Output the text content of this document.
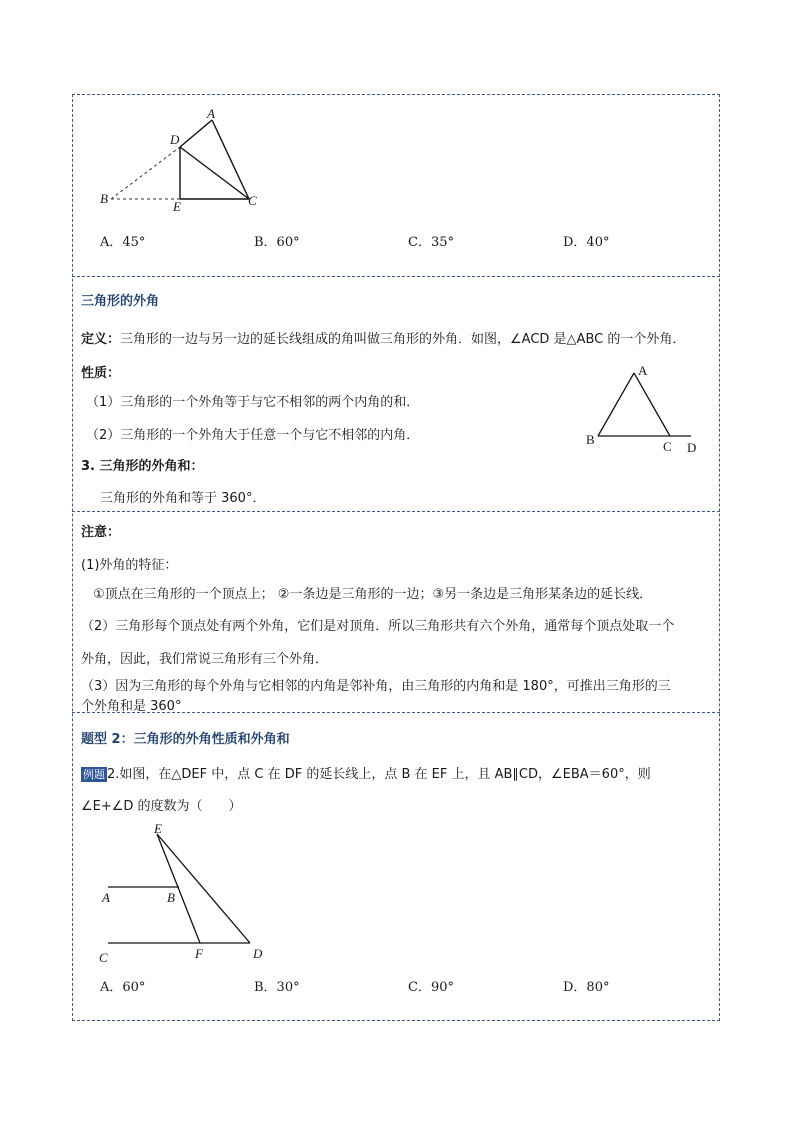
A
D
B
E	C
A．45°	B．60°	C．35°	D．40°
三角形的外角
定义：三角形的一边与另一边的延长线组成的角叫做三角形的外角．如图，∠ACD 是△ABC 的一个外角．
性质：
（1）三角形的一个外角等于与它不相邻的两个内角的和．
（2）三角形的一个外角大于任意一个与它不相邻的内角．
3. 三角形的外角和：
三角形的外角和等于 360°．
A
B	C D
注意：
(1)外角的特征：
①顶点在三角形的一个顶点上； ②一条边是三角形的一边；③另一条边是三角形某条边的延长线．
（2）三角形每个顶点处有两个外角，它们是对顶角．所以三角形共有六个外角，通常每个顶点处取一个
外角，因此，我们常说三角形有三个外角．
（3）因为三角形的每个外角与它相邻的内角是邻补角，由三角形的内角和是 180°，可推出三角形的三
个外角和是 360°
题型 2：三角形的外角性质和外角和
例题 2.如图，在△DEF 中，点 C 在 DF 的延长线上，点 B 在 EF 上，且 AB∥CD，∠EBA＝60°，则
∠E+∠D 的度数为（　　）
E
A	B
C	F	D
A．60°	B．30°	C．90°	D．80°
